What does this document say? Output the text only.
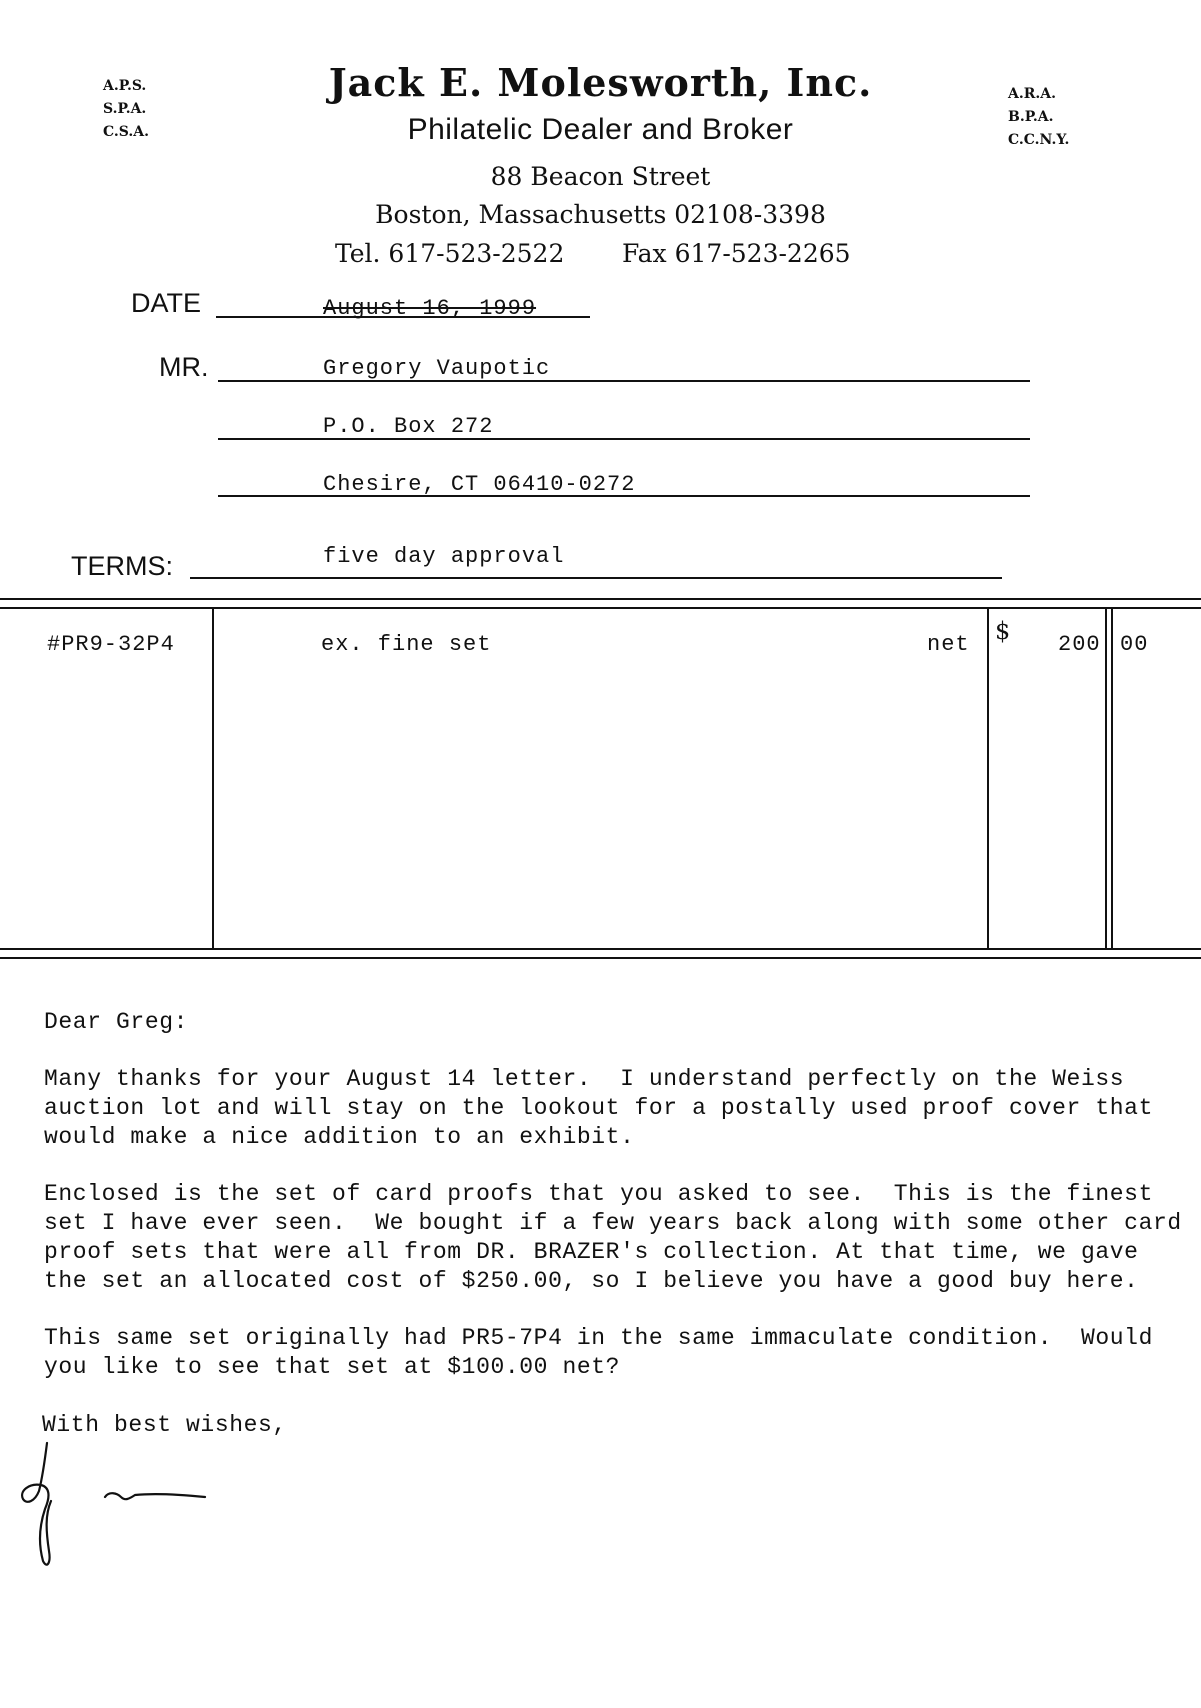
A.P.S.
S.P.A.
C.S.A.
A.R.A.
B.P.A.
C.C.N.Y.
Jack E. Molesworth, Inc.
Philatelic Dealer and Broker
88 Beacon Street
Boston, Massachusetts 02108-3398
Tel. 617-523-2522 Fax 617-523-2265
DATE	August 16, 1999
MR.	Gregory Vaupotic
P.O. Box 272
Chesire, CT 06410-0272
TERMS:	five day approval
#PR9-32P4	ex. fine set	net $ 200 00
Dear Greg:
Many thanks for your August 14 letter.  I understand perfectly on the Weiss
auction lot and will stay on the lookout for a postally used proof cover that
would make a nice addition to an exhibit.
Enclosed is the set of card proofs that you asked to see.  This is the finest
set I have ever seen.  We bought if a few years back along with some other card
proof sets that were all from DR. BRAZER's collection. At that time, we gave
the set an allocated cost of $250.00, so I believe you have a good buy here.
This same set originally had PR5-7P4 in the same immaculate condition.  Would
you like to see that set at $100.00 net?
With best wishes,
